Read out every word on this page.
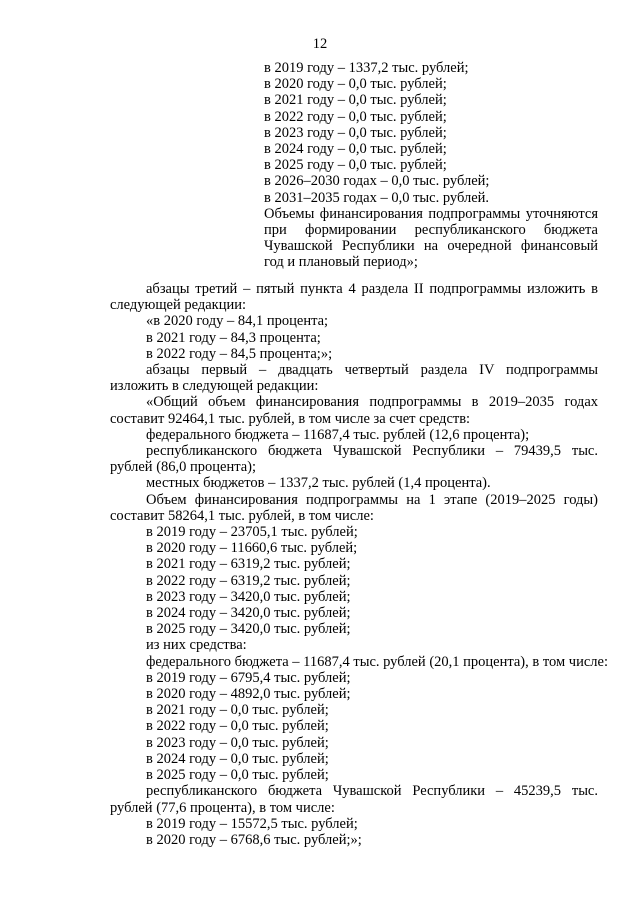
12
в 2019 году – 1337,2 тыс. рублей;
в 2020 году – 0,0 тыс. рублей;
в 2021 году – 0,0 тыс. рублей;
в 2022 году – 0,0 тыс. рублей;
в 2023 году – 0,0 тыс. рублей;
в 2024 году – 0,0 тыс. рублей;
в 2025 году – 0,0 тыс. рублей;
в 2026–2030 годах – 0,0 тыс. рублей;
в 2031–2035 годах – 0,0 тыс. рублей.
Объемы финансирования подпрограммы уточняются при формировании республиканского бюджета Чувашской Республики на очередной финансовый год и плановый период»;
абзацы третий – пятый пункта 4 раздела II подпрограммы изложить в следующей редакции:
«в 2020 году – 84,1 процента;
в 2021 году – 84,3 процента;
в 2022 году – 84,5 процента;»;
абзацы первый – двадцать четвертый раздела IV подпрограммы изложить в следующей редакции:
«Общий объем финансирования подпрограммы в 2019–2035 годах составит 92464,1 тыс. рублей, в том числе за счет средств:
федерального бюджета – 11687,4 тыс. рублей (12,6 процента);
республиканского бюджета Чувашской Республики – 79439,5 тыс. рублей (86,0 процента);
местных бюджетов – 1337,2 тыс. рублей (1,4 процента).
Объем финансирования подпрограммы на 1 этапе (2019–2025 годы) составит 58264,1 тыс. рублей, в том числе:
в 2019 году – 23705,1 тыс. рублей;
в 2020 году – 11660,6 тыс. рублей;
в 2021 году – 6319,2 тыс. рублей;
в 2022 году – 6319,2 тыс. рублей;
в 2023 году – 3420,0 тыс. рублей;
в 2024 году – 3420,0 тыс. рублей;
в 2025 году – 3420,0 тыс. рублей;
из них средства:
федерального бюджета – 11687,4 тыс. рублей (20,1 процента), в том числе:
в 2019 году – 6795,4 тыс. рублей;
в 2020 году – 4892,0 тыс. рублей;
в 2021 году – 0,0 тыс. рублей;
в 2022 году – 0,0 тыс. рублей;
в 2023 году – 0,0 тыс. рублей;
в 2024 году – 0,0 тыс. рублей;
в 2025 году – 0,0 тыс. рублей;
республиканского бюджета Чувашской Республики – 45239,5 тыс. рублей (77,6 процента), в том числе:
в 2019 году – 15572,5 тыс. рублей;
в 2020 году – 6768,6 тыс. рублей;»;
